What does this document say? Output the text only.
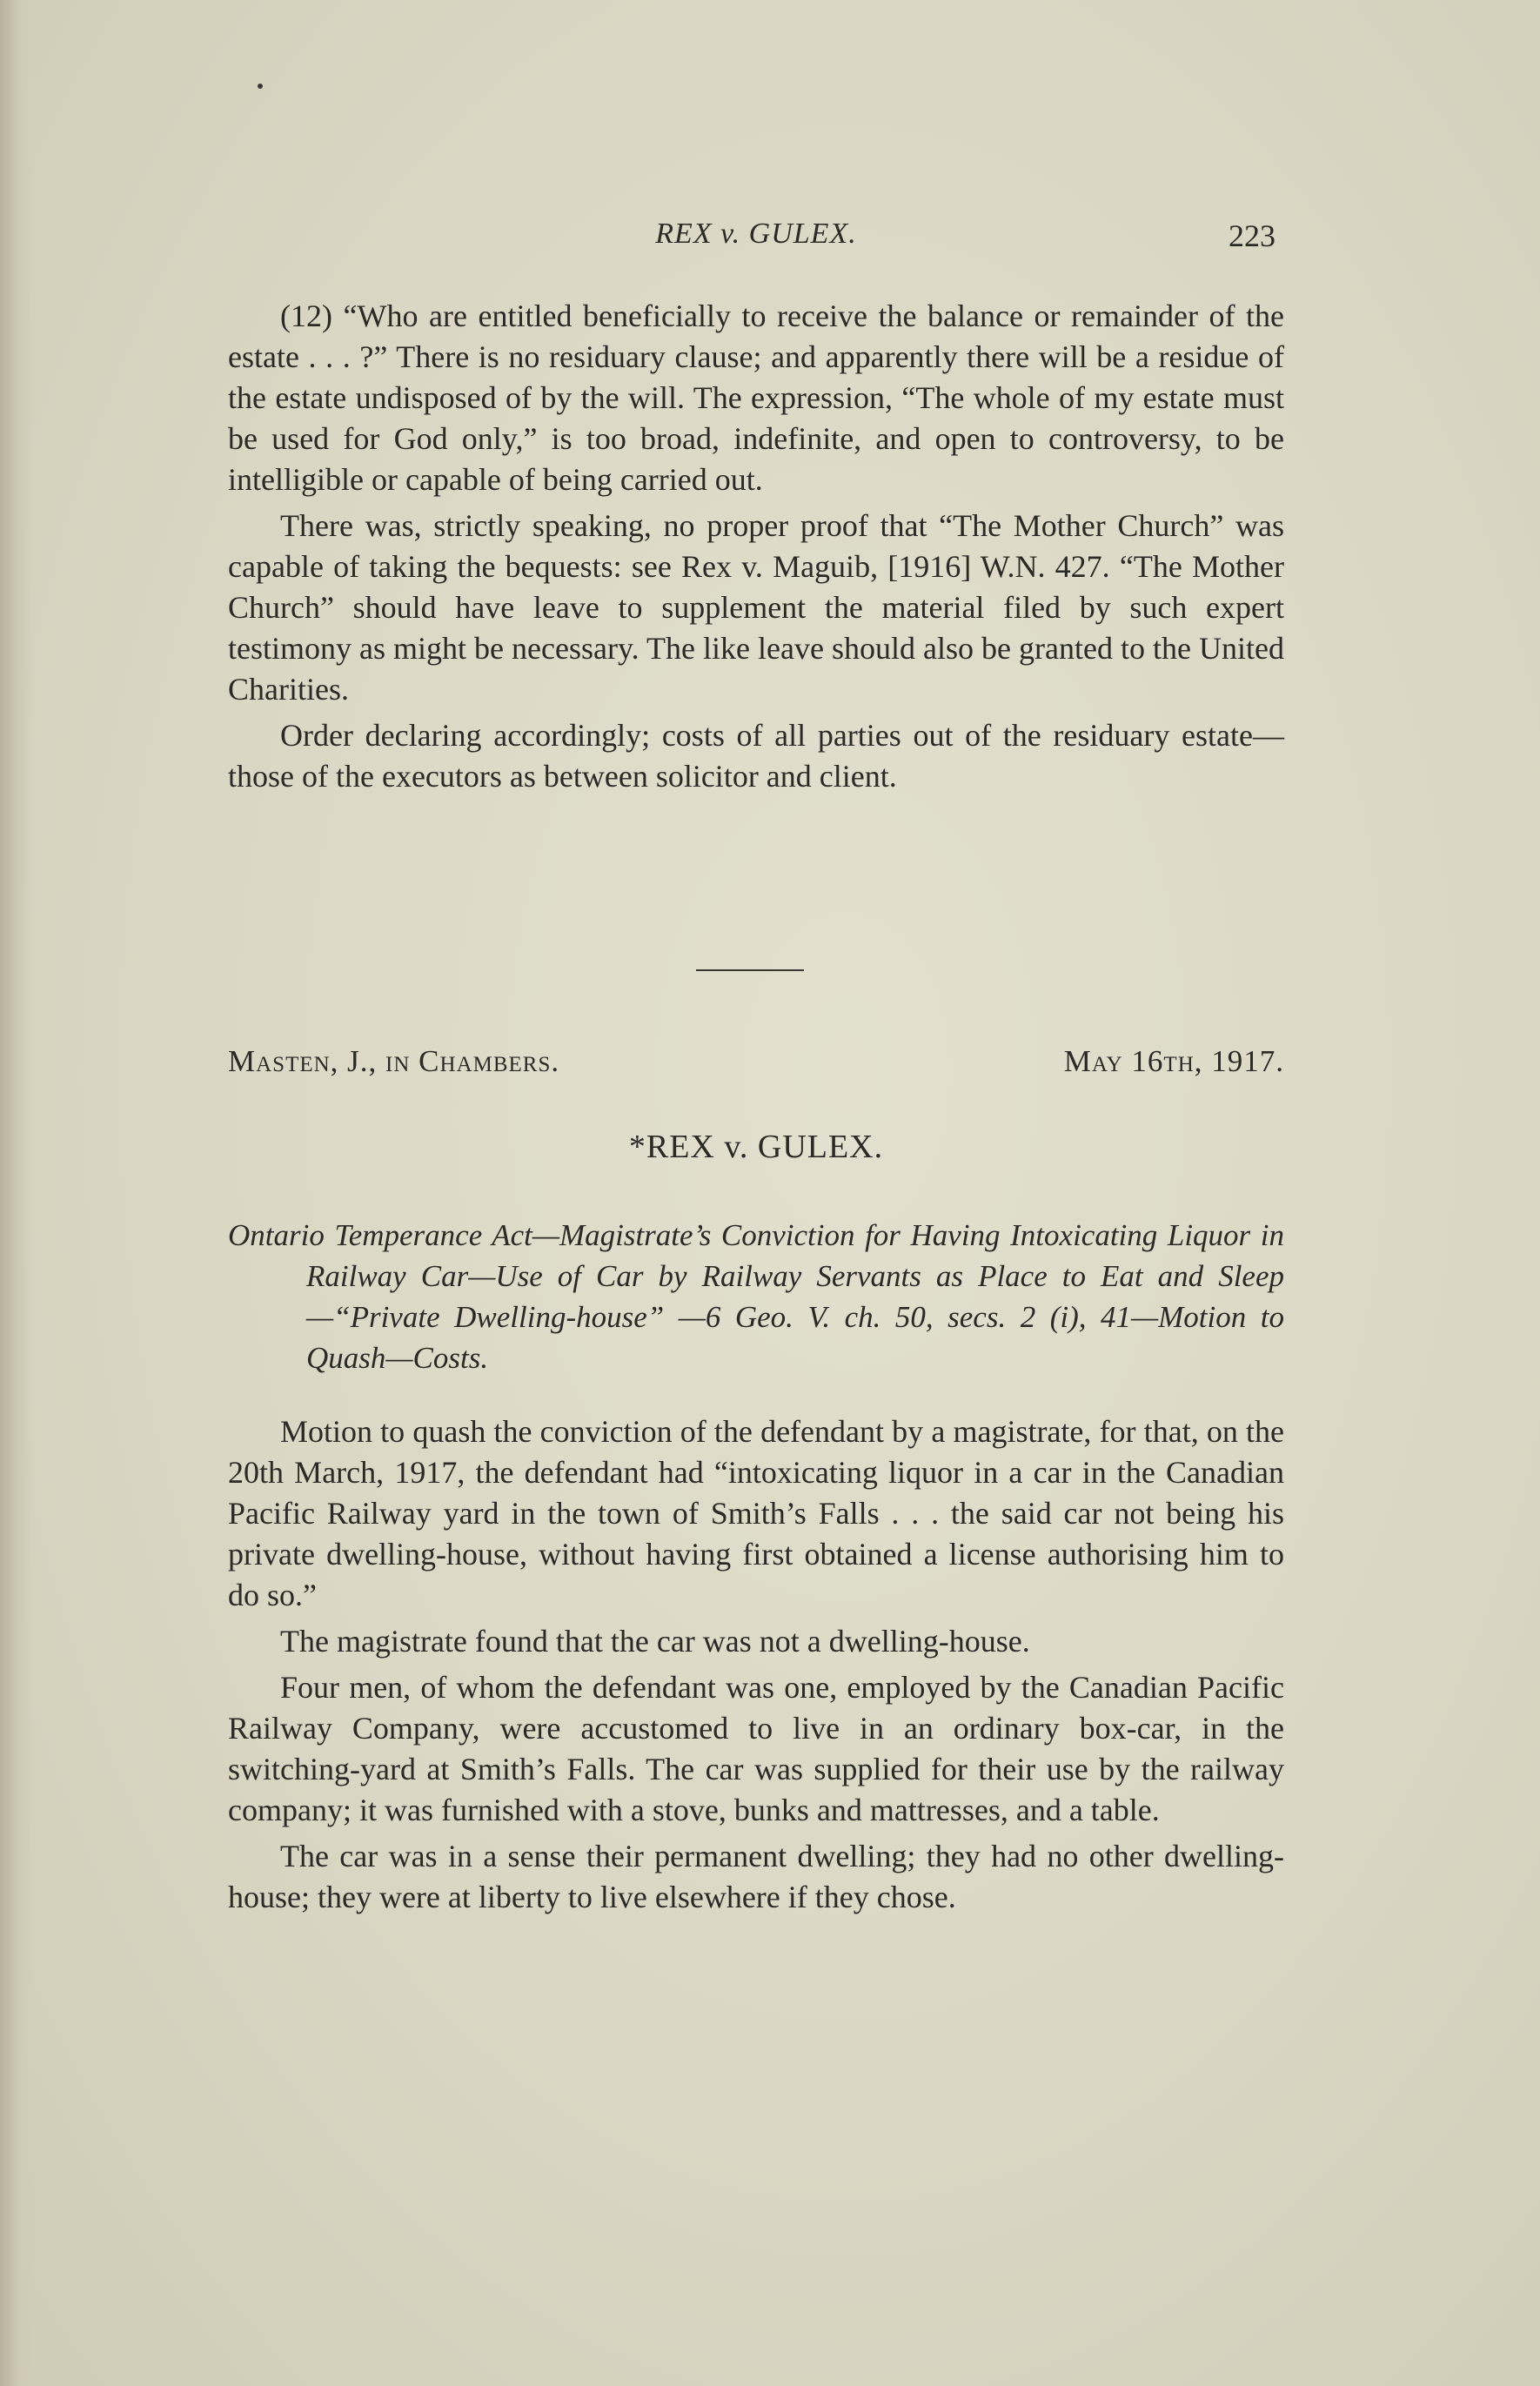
REX v. GULEX.	223

(12) “Who are entitled beneficially to receive the balance or remainder of the estate . . . ?” There is no residuary clause; and apparently there will be a residue of the estate undisposed of by the will. The expression, “The whole of my estate must be used for God only,” is too broad, indefinite, and open to controversy, to be intelligible or capable of being carried out.

There was, strictly speaking, no proper proof that “The Mother Church” was capable of taking the bequests: see Rex v. Maguib, [1916] W.N. 427. “The Mother Church” should have leave to supplement the material filed by such expert testimony as might be necessary. The like leave should also be granted to the United Charities.

Order declaring accordingly; costs of all parties out of the residuary estate—those of the executors as between solicitor and client.

Masten, J., in Chambers.	May 16th, 1917.
*REX v. GULEX.
Ontario Temperance Act—Magistrate’s Conviction for Having Intoxicating Liquor in Railway Car—Use of Car by Railway Servants as Place to Eat and Sleep—“Private Dwelling-house” —6 Geo. V. ch. 50, secs. 2 (i), 41—Motion to Quash—Costs.

Motion to quash the conviction of the defendant by a magistrate, for that, on the 20th March, 1917, the defendant had “intoxicating liquor in a car in the Canadian Pacific Railway yard in the town of Smith’s Falls . . . the said car not being his private dwelling-house, without having first obtained a license authorising him to do so.”

The magistrate found that the car was not a dwelling-house.

Four men, of whom the defendant was one, employed by the Canadian Pacific Railway Company, were accustomed to live in an ordinary box-car, in the switching-yard at Smith’s Falls. The car was supplied for their use by the railway company; it was furnished with a stove, bunks and mattresses, and a table.

The car was in a sense their permanent dwelling; they had no other dwelling-house; they were at liberty to live elsewhere if they chose.
